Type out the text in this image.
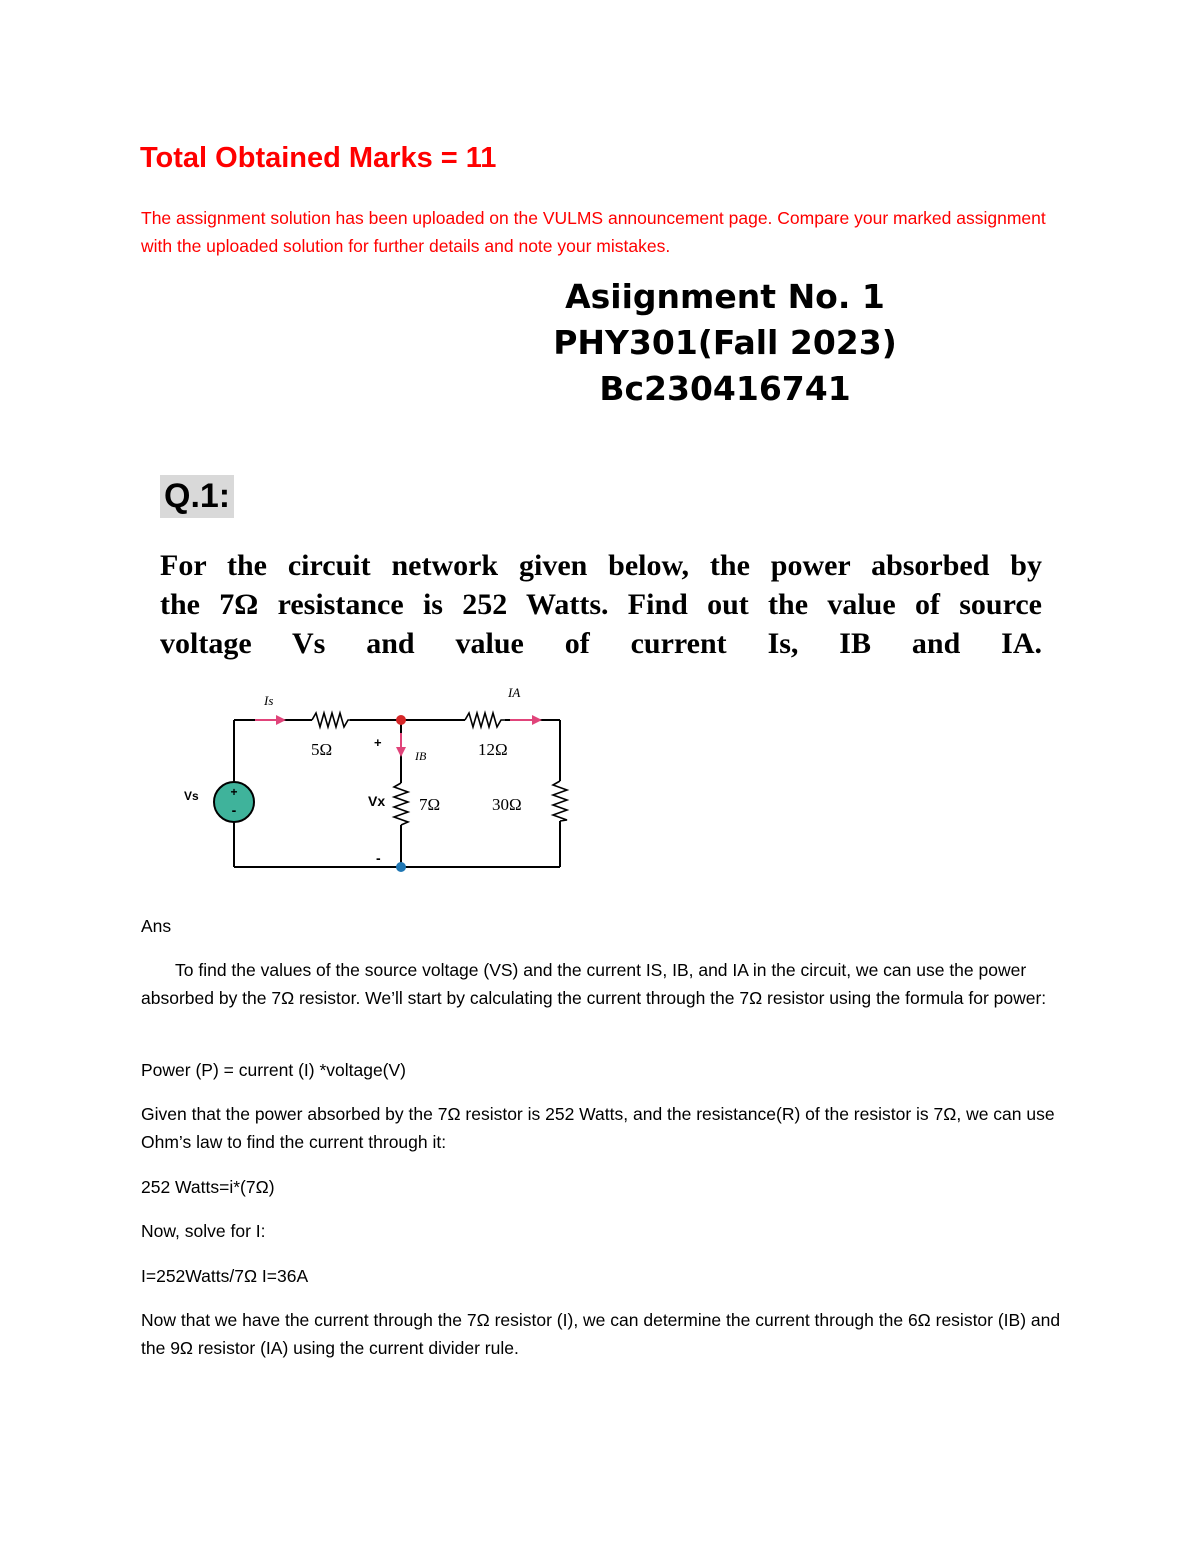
Total Obtained Marks = 11

The assignment solution has been uploaded on the VULMS announcement page. Compare your marked assignment with the uploaded solution for further details and note your mistakes.

Asiignment No. 1
PHY301(Fall 2023)
Bc230416741
Q.1:
For the circuit network given below, the power absorbed by
the 7Ω resistance is 252 Watts. Find out the value of source
voltage Vs and value of current Is, IB and IA.
+
-
Is
IA
IB
5Ω	12Ω
7Ω	30Ω
Vs	Vx
+
-

Ans

To find the values of the source voltage (VS) and the current IS, IB, and IA in the circuit, we can use the power absorbed by the 7Ω resistor. We’ll start by calculating the current through the 7Ω resistor using the formula for power:

Power (P) = current (I) *voltage(V)

Given that the power absorbed by the 7Ω resistor is 252 Watts, and the resistance(R) of the resistor is 7Ω, we can use Ohm’s law to find the current through it:

252 Watts=i*(7Ω)

Now, solve for I:

I=252Watts/7Ω I=36A

Now that we have the current through the 7Ω resistor (I), we can determine the current through the 6Ω resistor (IB) and the 9Ω resistor (IA) using the current divider rule.
